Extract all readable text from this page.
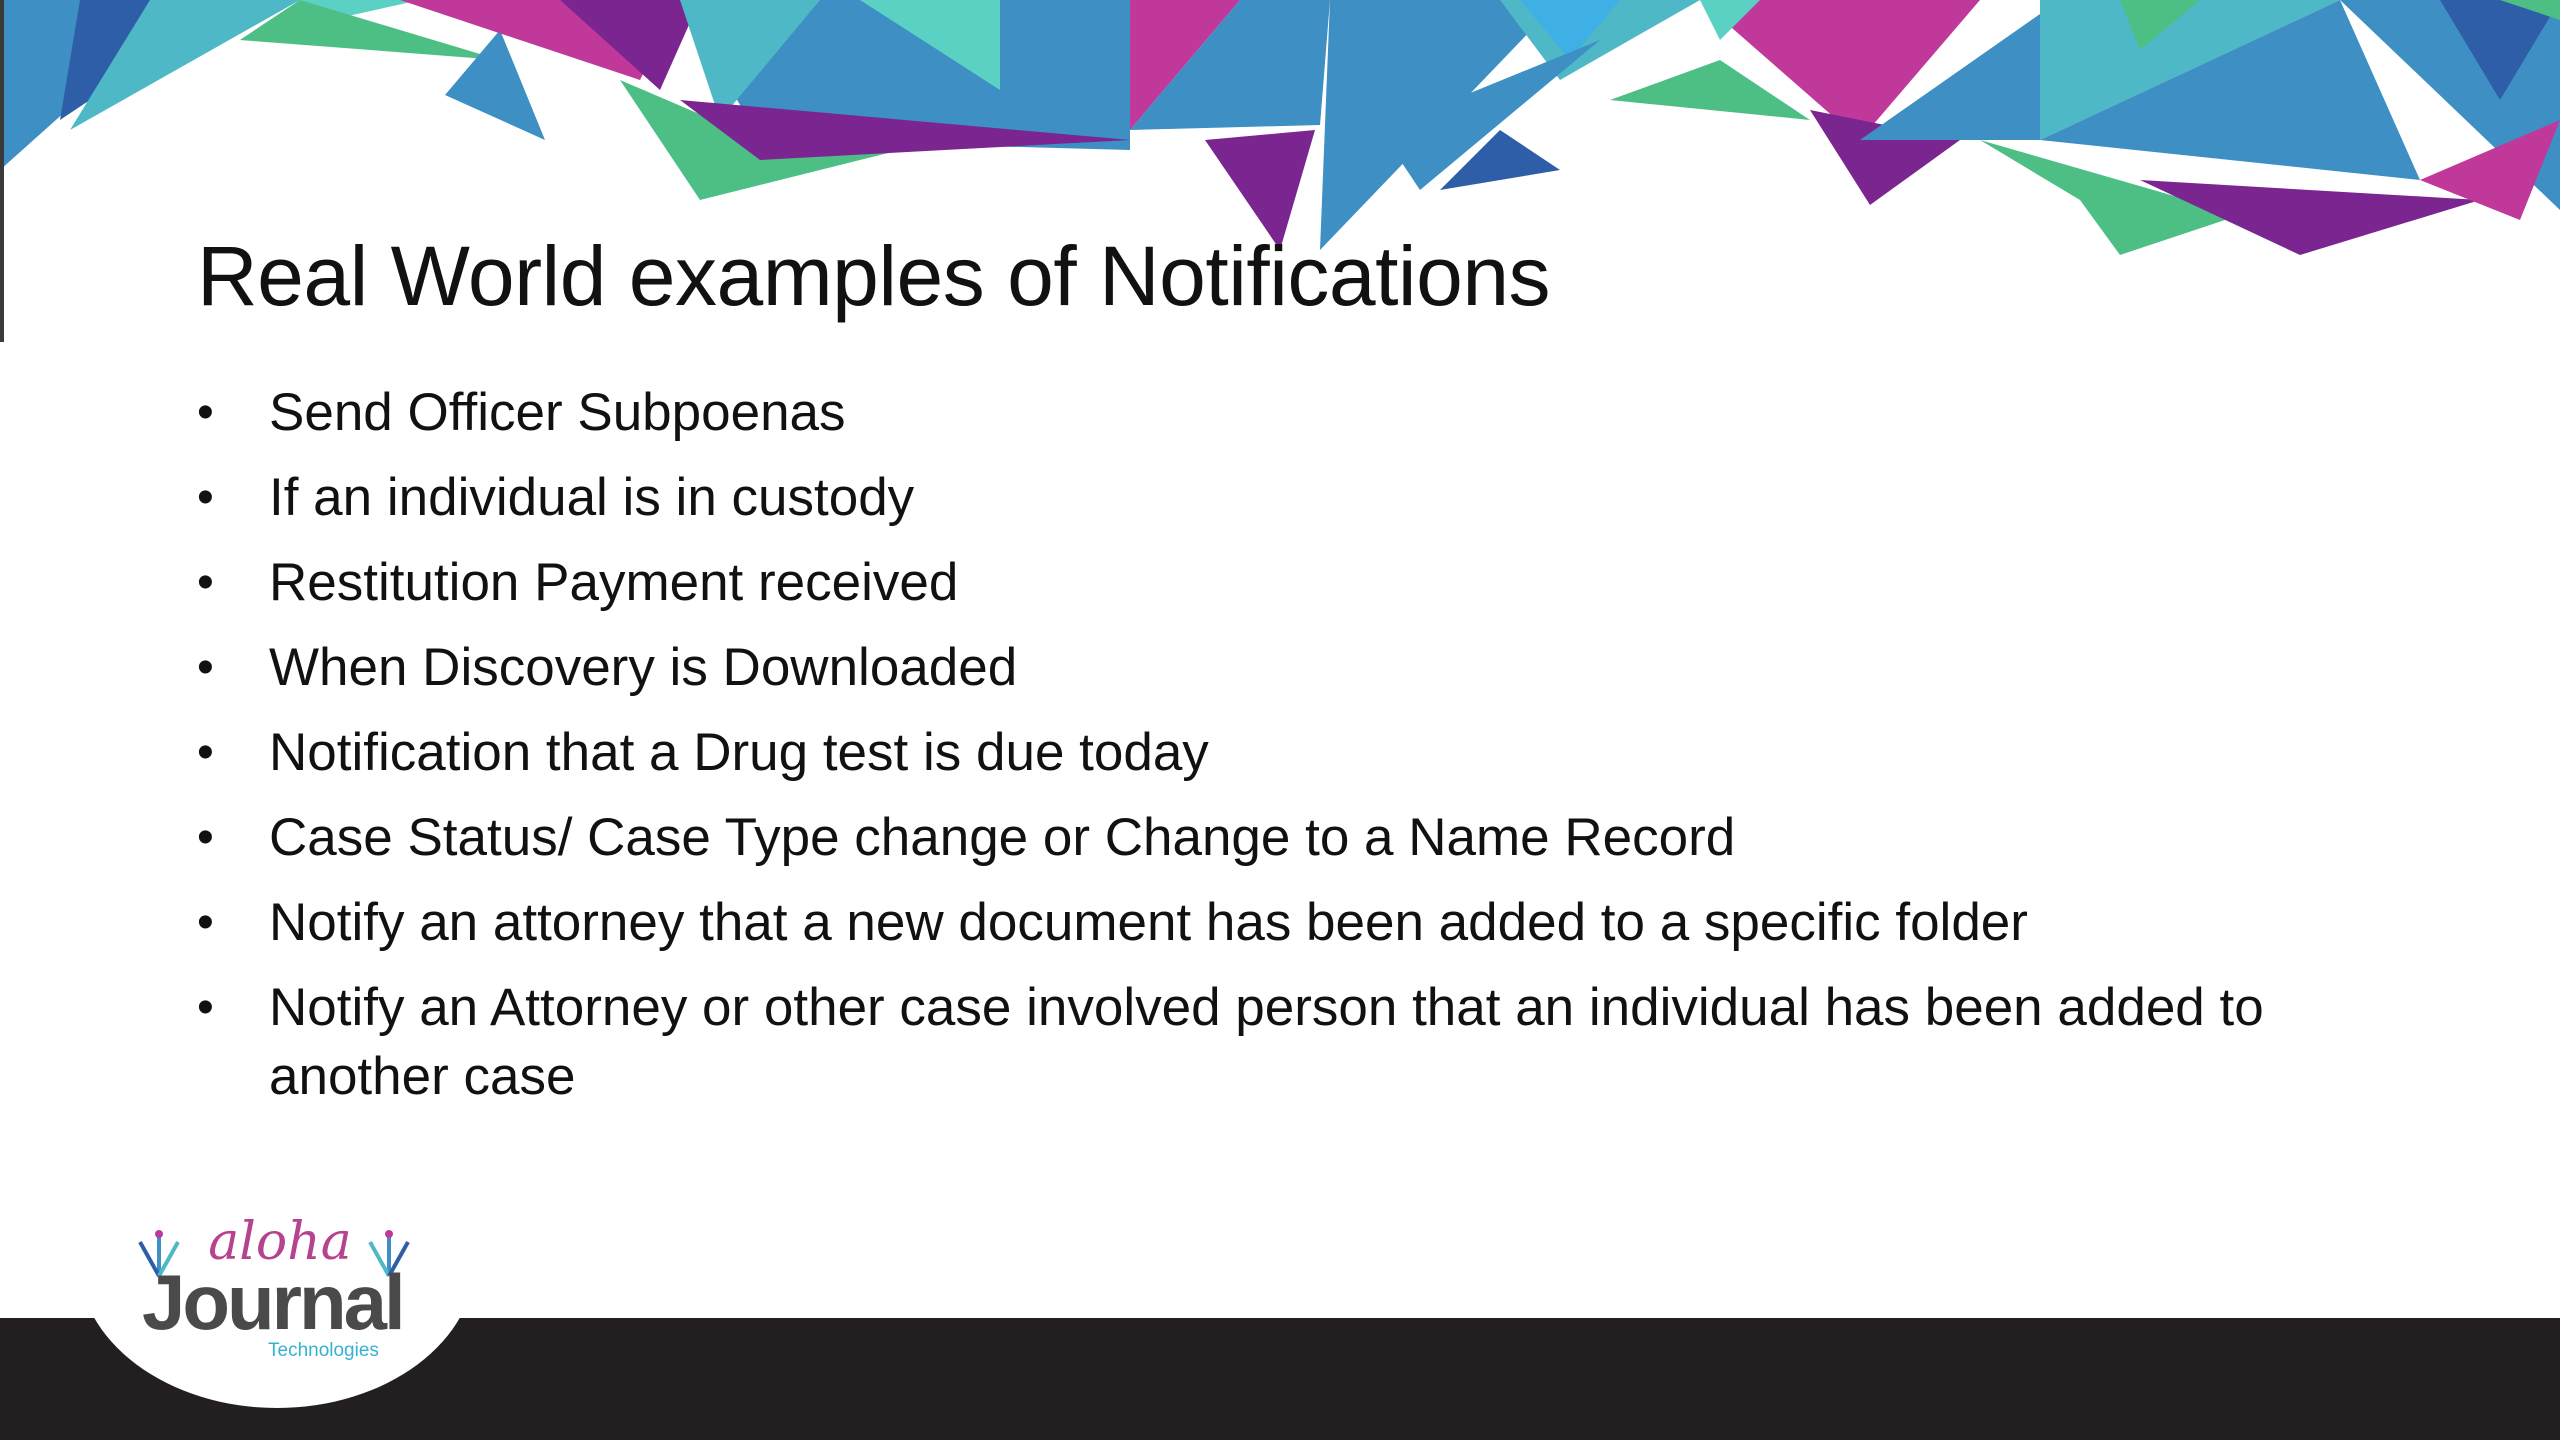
Real World examples of Notifications
• Send Officer Subpoenas
• If an individual is in custody
• Restitution Payment received
• When Discovery is Downloaded
• Notification that a Drug test is due today
• Case Status/ Case Type change or Change to a Name Record
• Notify an attorney that a new document has been added to a specific folder
• Notify an Attorney or other case involved person that an individual has been added to another case
aloha
Journal
Technologies
